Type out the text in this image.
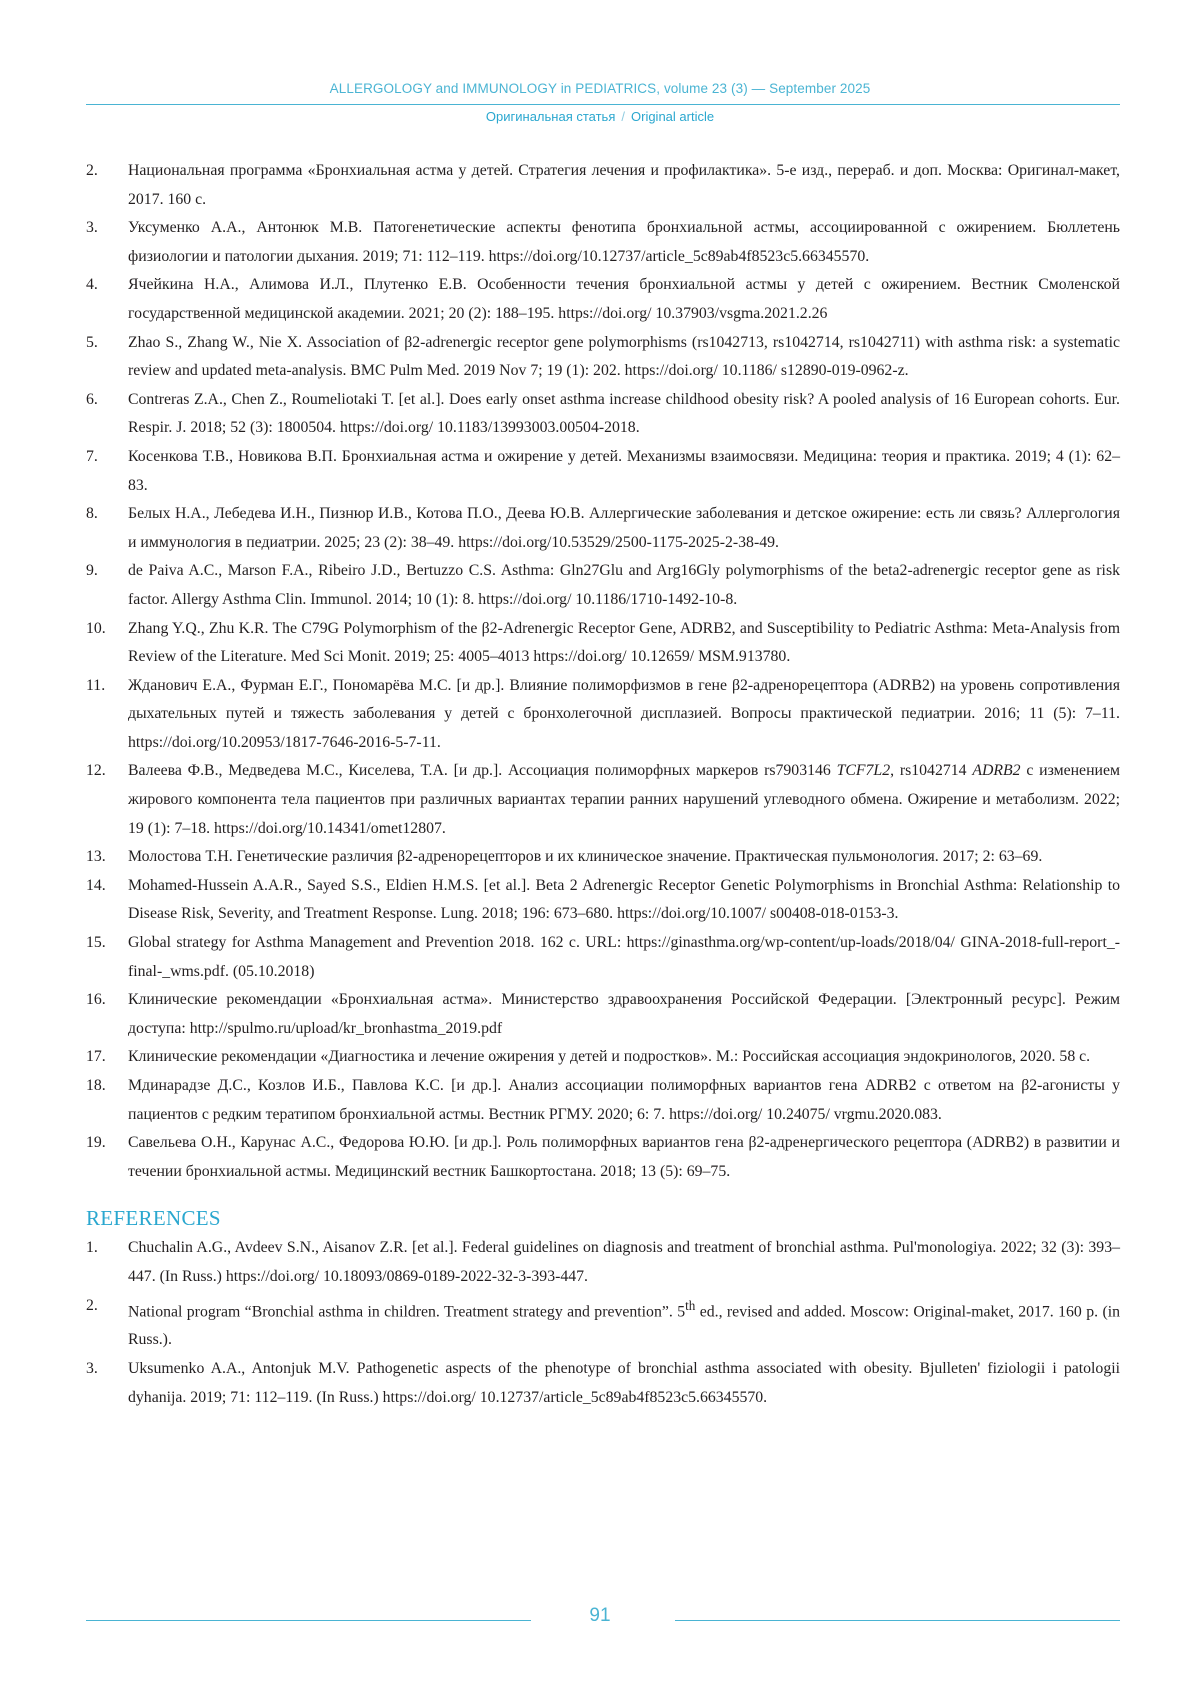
ALLERGOLOGY and IMMUNOLOGY in PEDIATRICS, volume 23 (3) — September 2025
Оригинальная статья / Original article
2.	Национальная программа «Бронхиальная астма у детей. Стратегия лечения и профилактика». 5-е изд., перераб. и доп. Москва: Оригинал-макет, 2017. 160 с.
3.	Уксуменко А.А., Антонюк М.В. Патогенетические аспекты фенотипа бронхиальной астмы, ассоциированной с ожирением. Бюллетень физиологии и патологии дыхания. 2019; 71: 112–119. https://doi.org/10.12737/article_5c89ab4f8523c5.66345570.
4.	Ячейкина Н.А., Алимова И.Л., Плутенко Е.В. Особенности течения бронхиальной астмы у детей с ожирением. Вестник Смоленской государственной медицинской академии. 2021; 20 (2): 188–195. https://doi.org/ 10.37903/vsgma.2021.2.26
5.	Zhao S., Zhang W., Nie X. Association of β2-adrenergic receptor gene polymorphisms (rs1042713, rs1042714, rs1042711) with asthma risk: a systematic review and updated meta-analysis. BMC Pulm Med. 2019 Nov 7; 19 (1): 202. https://doi.org/ 10.1186/ s12890-019-0962-z.
6.	Contreras Z.A., Chen Z., Roumeliotaki T. [et al.]. Does early onset asthma increase childhood obesity risk? A pooled analysis of 16 European cohorts. Eur. Respir. J. 2018; 52 (3): 1800504. https://doi.org/ 10.1183/13993003.00504-2018.
7.	Косенкова Т.В., Новикова В.П. Бронхиальная астма и ожирение у детей. Механизмы взаимосвязи. Медицина: теория и практика. 2019; 4 (1): 62–83.
8.	Белых Н.А., Лебедева И.Н., Пизнюр И.В., Котова П.О., Деева Ю.В. Аллергические заболевания и детское ожирение: есть ли связь? Аллергология и иммунология в педиатрии. 2025; 23 (2): 38–49. https://doi.org/10.53529/2500-1175-2025-2-38-49.
9.	de Paiva A.C., Marson F.A., Ribeiro J.D., Bertuzzo C.S. Asthma: Gln27Glu and Arg16Gly polymorphisms of the beta2-adrenergic receptor gene as risk factor. Allergy Asthma Clin. Immunol. 2014; 10 (1): 8. https://doi.org/ 10.1186/1710-1492-10-8.
10.	Zhang Y.Q., Zhu K.R. The C79G Polymorphism of the β2-Adrenergic Receptor Gene, ADRB2, and Susceptibility to Pediatric Asthma: Meta-Analysis from Review of the Literature. Med Sci Monit. 2019; 25: 4005–4013 https://doi.org/ 10.12659/ MSM.913780.
11.	Жданович Е.А., Фурман Е.Г., Пономарёва М.С. [и др.]. Влияние полиморфизмов в гене β2-адренорецептора (ADRB2) на уровень сопротивления дыхательных путей и тяжесть заболевания у детей с бронхолегочной дисплазией. Вопросы практической педиатрии. 2016; 11 (5): 7–11. https://doi.org/10.20953/1817-7646-2016-5-7-11.
12.	Валеева Ф.В., Медведева М.С., Киселева, Т.А. [и др.]. Ассоциация полиморфных маркеров rs7903146 TCF7L2, rs1042714 ADRB2 с изменением жирового компонента тела пациентов при различных вариантах терапии ранних нарушений углеводного обмена. Ожирение и метаболизм. 2022; 19 (1): 7–18. https://doi.org/10.14341/omet12807.
13.	Молостова Т.Н. Генетические различия β2-адренорецепторов и их клиническое значение. Практическая пульмонология. 2017; 2: 63–69.
14.	Mohamed-Hussein A.A.R., Sayed S.S., Eldien H.M.S. [et al.]. Beta 2 Adrenergic Receptor Genetic Polymorphisms in Bronchial Asthma: Relationship to Disease Risk, Severity, and Treatment Response. Lung. 2018; 196: 673–680. https://doi.org/10.1007/ s00408-018-0153-3.
15.	Global strategy for Asthma Management and Prevention 2018. 162 c. URL: https://ginasthma.org/wp-content/up-loads/2018/04/ GINA-2018-full-report_-final-_wms.pdf. (05.10.2018)
16.	Клинические рекомендации «Бронхиальная астма». Министерство здравоохранения Российской Федерации. [Электронный ресурс]. Режим доступа: http://spulmo.ru/upload/kr_bronhastma_2019.pdf
17.	Клинические рекомендации «Диагностика и лечение ожирения у детей и подростков». М.: Российская ассоциация эндокринологов, 2020. 58 с.
18.	Мдинарадзе Д.С., Козлов И.Б., Павлова К.С. [и др.]. Анализ ассоциации полиморфных вариантов гена ADRB2 с ответом на β2-агонисты у пациентов с редким тератипом бронхиальной астмы. Вестник РГМУ. 2020; 6: 7. https://doi.org/ 10.24075/ vrgmu.2020.083.
19.	Савельева О.Н., Карунас А.С., Федорова Ю.Ю. [и др.]. Роль полиморфных вариантов гена β2-адренергического рецептора (ADRB2) в развитии и течении бронхиальной астмы. Медицинский вестник Башкортостана. 2018; 13 (5): 69–75.
REFERENCES
1.	Chuchalin A.G., Avdeev S.N., Aisanov Z.R. [et al.]. Federal guidelines on diagnosis and treatment of bronchial asthma. Pul'monologiya. 2022; 32 (3): 393–447. (In Russ.) https://doi.org/ 10.18093/0869-0189-2022-32-3-393-447.
2.	National program “Bronchial asthma in children. Treatment strategy and prevention”. 5th ed., revised and added. Moscow: Original-maket, 2017. 160 p. (in Russ.).
3.	Uksumenko A.A., Antonjuk M.V. Pathogenetic aspects of the phenotype of bronchial asthma associated with obesity. Bjulleten' fiziologii i patologii dyhanija. 2019; 71: 112–119. (In Russ.) https://doi.org/ 10.12737/article_5c89ab4f8523c5.66345570.
91
